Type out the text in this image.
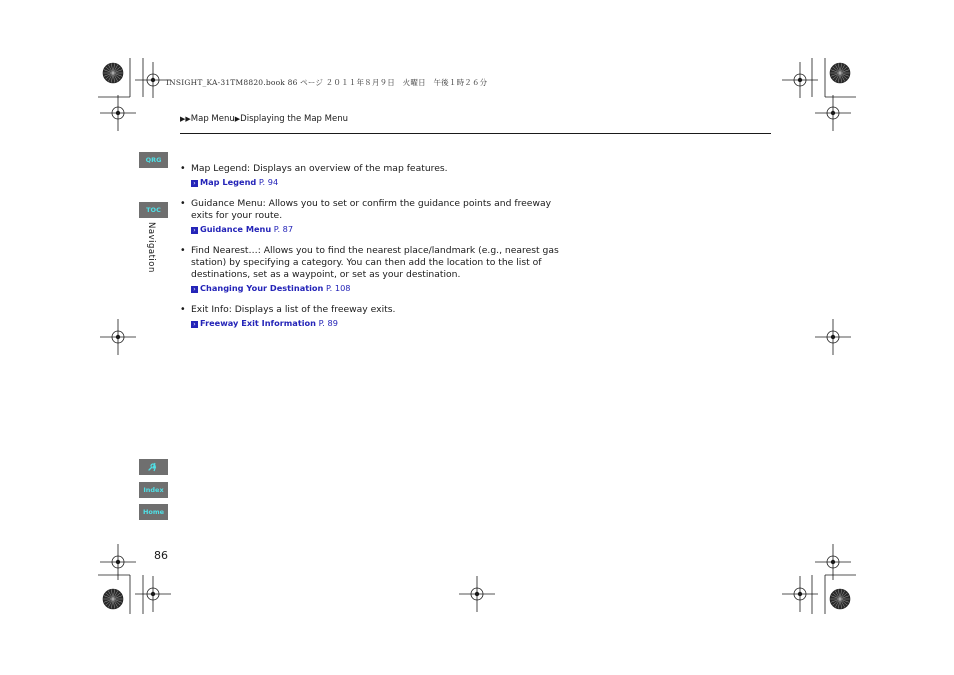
INSIGHT_KA-31TM8820.book 86 ページ ２０１１年８月９日　火曜日　午後１時２６分
▶▶Map Menu▶Displaying the Map Menu
QRG
TOC
Navigation
Index
Home
• Map Legend: Displays an overview of the map features.
› Map Legend P. 94
• Guidance Menu: Allows you to set or confirm the guidance points and freeway exits for your route.
› Guidance Menu P. 87
• Find Nearest…: Allows you to find the nearest place/landmark (e.g., nearest gas station) by specifying a category. You can then add the location to the list of destinations, set as a waypoint, or set as your destination.
› Changing Your Destination P. 108
• Exit Info: Displays a list of the freeway exits.
› Freeway Exit Information P. 89
86
